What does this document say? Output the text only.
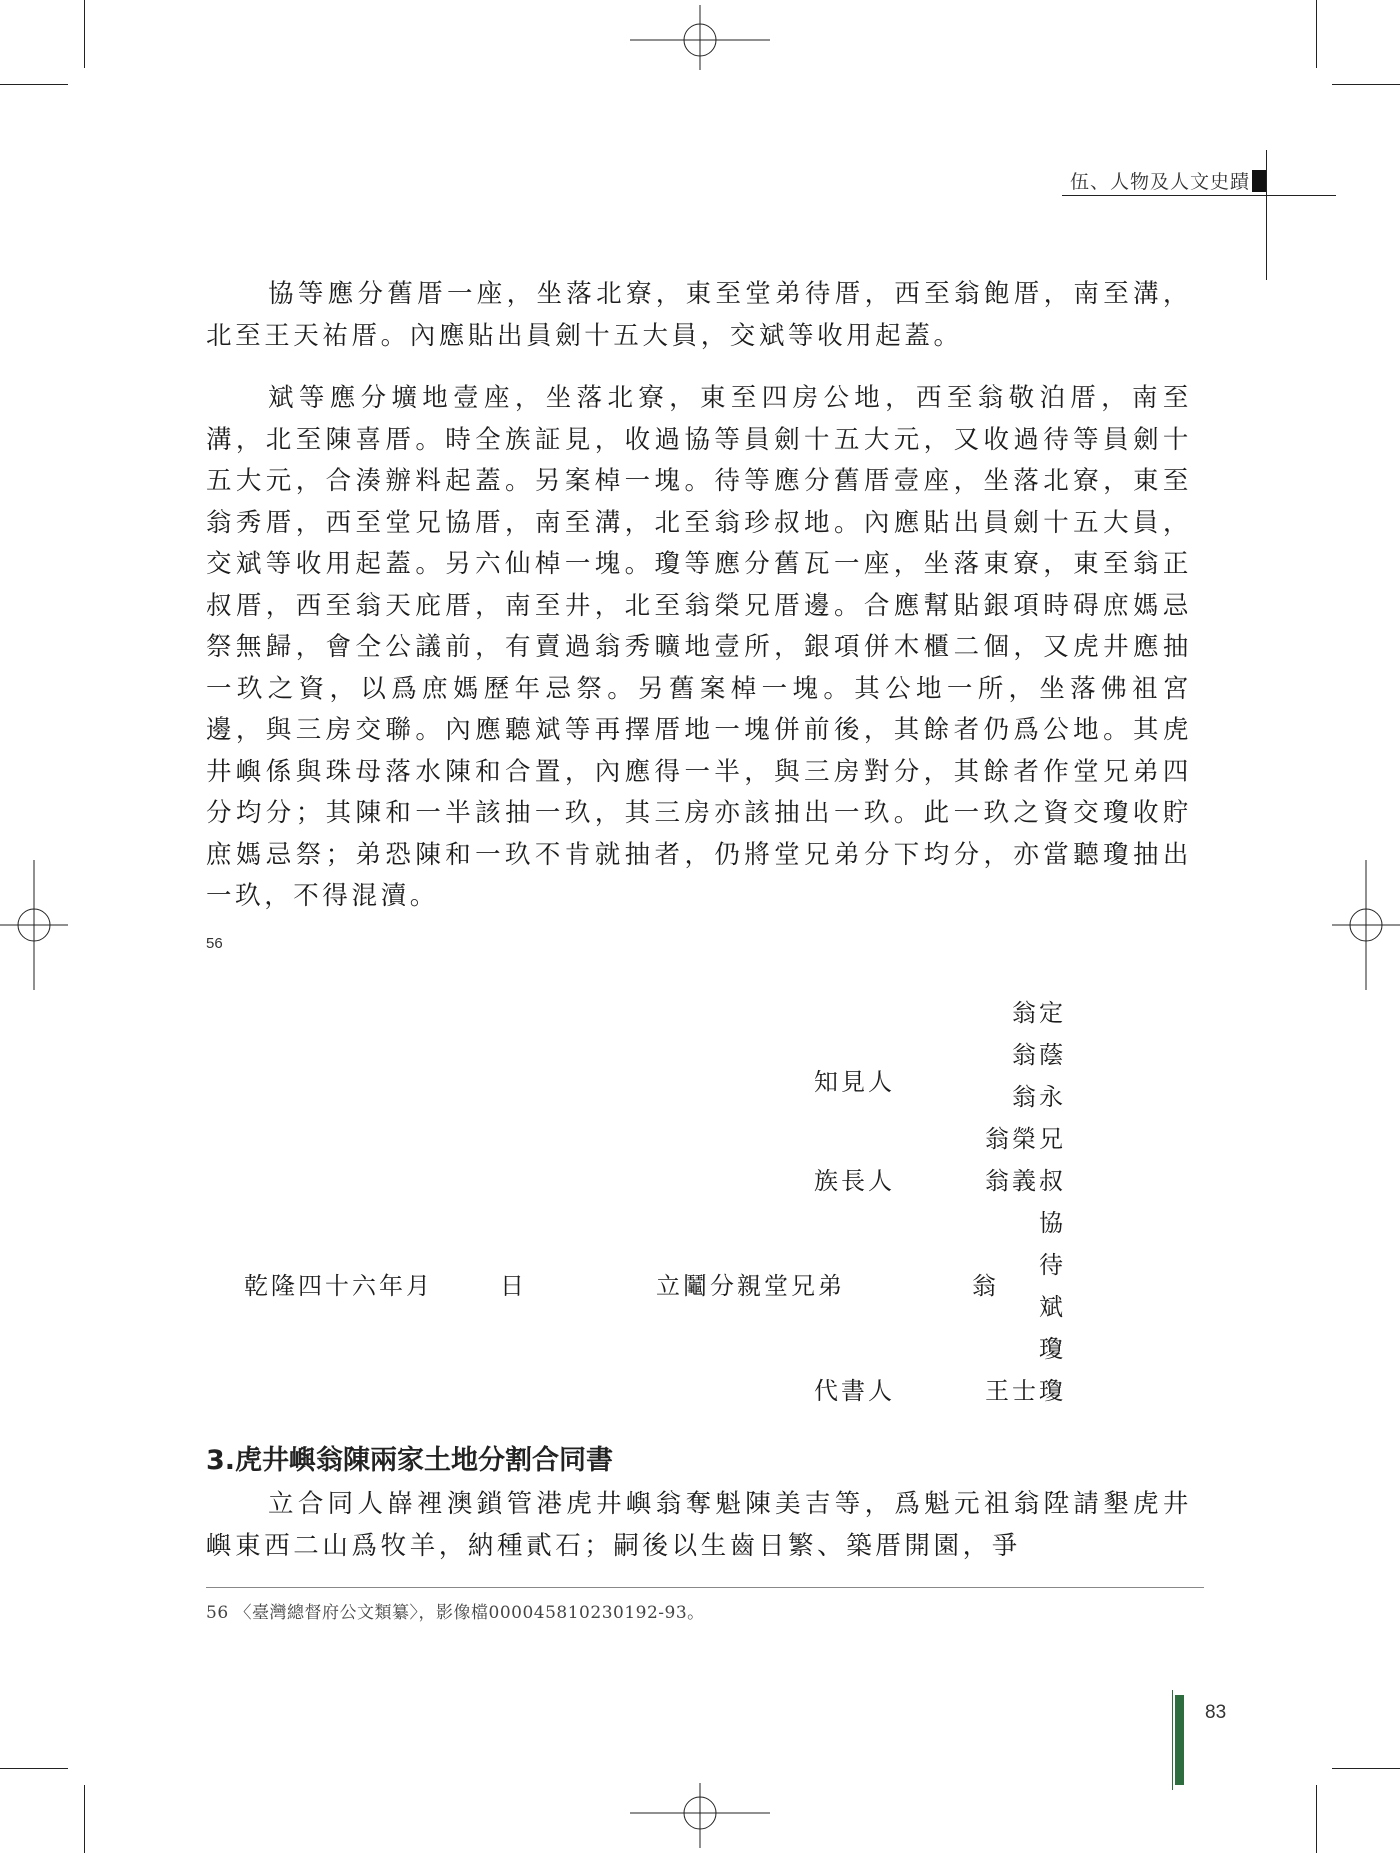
伍、人物及人文史蹟

協等應分舊厝一座，坐落北寮，東至堂弟待厝，西至翁飽厝，南至溝，北至王天祐厝。內應貼出員劍十五大員，交斌等收用起蓋。

斌等應分壙地壹座，坐落北寮，東至四房公地，西至翁敬泊厝，南至溝，北至陳喜厝。時全族証見，收過協等員劍十五大元，又收過待等員劍十五大元，合湊辦料起蓋。另案棹一塊。待等應分舊厝壹座，坐落北寮，東至翁秀厝，西至堂兄協厝，南至溝，北至翁珍叔地。內應貼出員劍十五大員，交斌等收用起蓋。另六仙棹一塊。瓊等應分舊瓦一座，坐落東寮，東至翁正叔厝，西至翁天庇厝，南至井，北至翁榮兄厝邊。合應幫貼銀項時碍庶媽忌祭無歸，會仝公議前，有賣過翁秀曠地壹所，銀項併木櫃二個，又虎井應抽一玖之資，以爲庶媽歷年忌祭。另舊案棹一塊。其公地一所，坐落佛祖宮邊，與三房交聯。內應聽斌等再擇厝地一塊併前後，其餘者仍爲公地。其虎井嶼係與珠母落水陳和合置，內應得一半，與三房對分，其餘者作堂兄弟四分均分；其陳和一半該抽一玖，其三房亦該抽出一玖。此一玖之資交瓊收貯庶媽忌祭；弟恐陳和一玖不肯就抽者，仍將堂兄弟分下均分，亦當聽瓊抽出一玖，不得混瀆。

56
知見人
翁定
翁蔭
翁永
族長人
翁榮兄
翁義叔
乾隆四十六年月	日	立鬮分親堂兄弟	翁
協
待
斌
瓊
代書人	王士瓊
3.虎井嶼翁陳兩家土地分割合同書

立合同人嶭裡澳鎖管港虎井嶼翁奪魁陳美吉等，爲魁元祖翁陞請墾虎井嶼東西二山爲牧羊，納種貳石；嗣後以生齒日繁、築厝開園，爭

56 〈臺灣總督府公文類纂〉，影像檔000045810230192-93。
83
